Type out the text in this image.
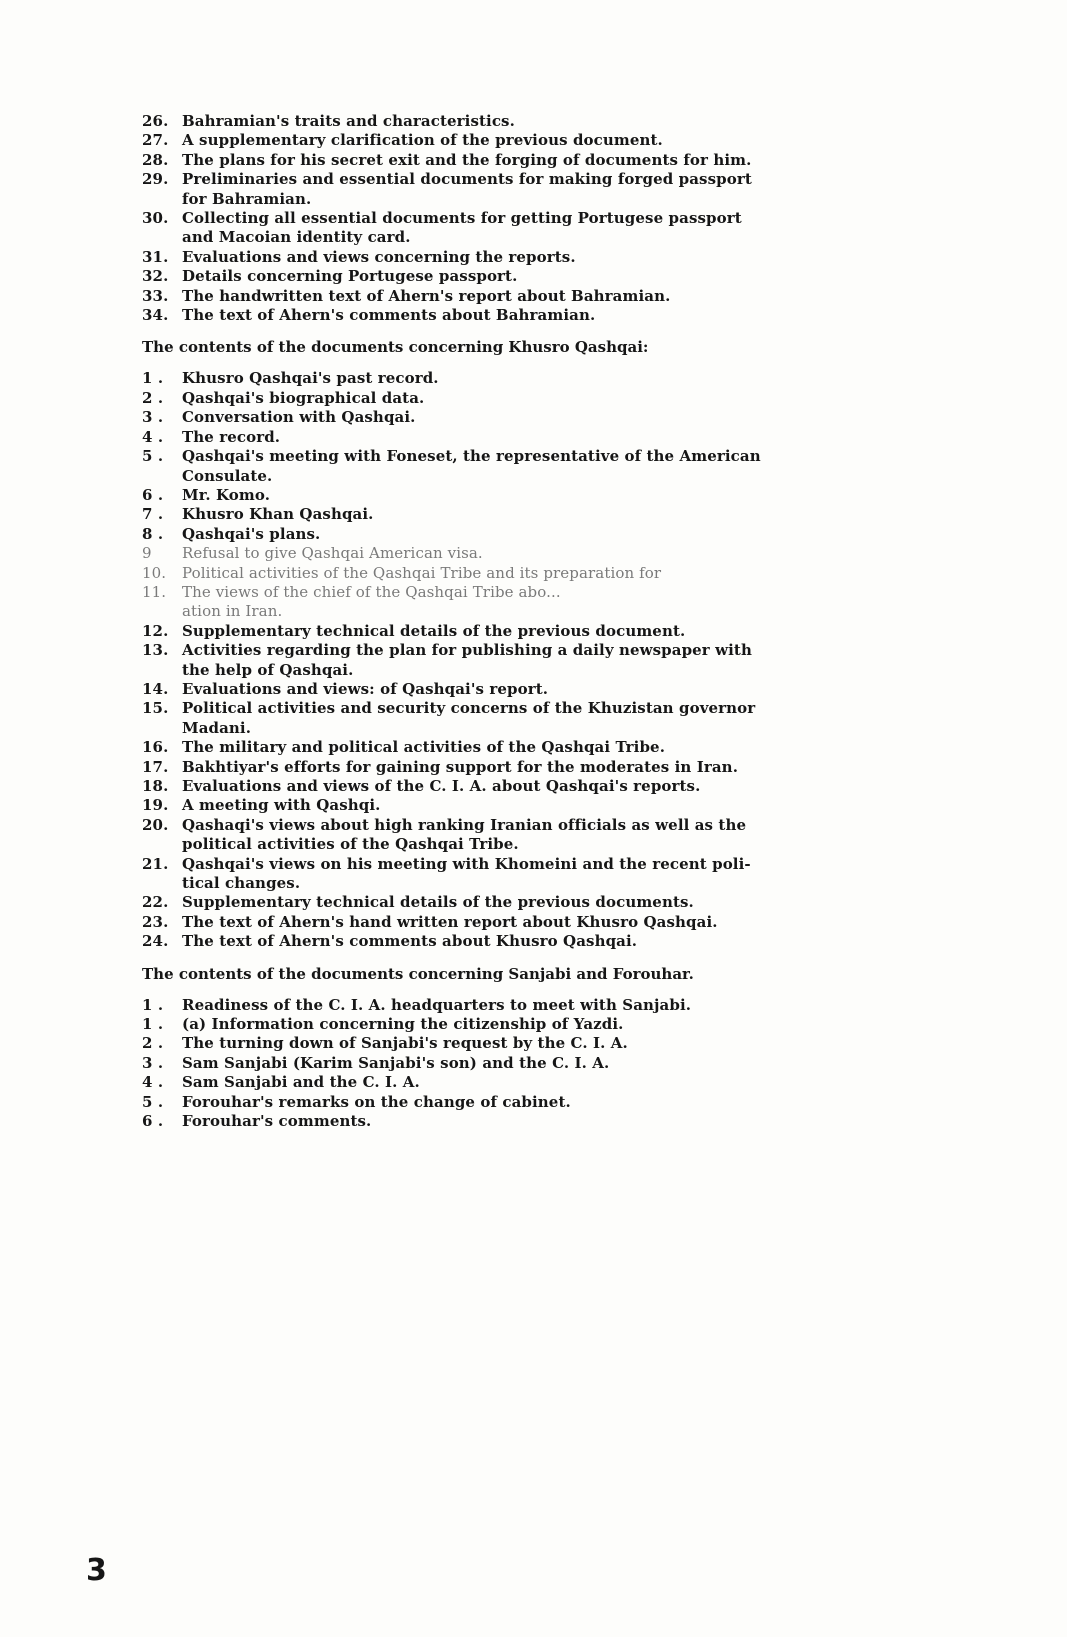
26. Bahramian's traits and characteristics.
27. A supplementary clarification of the previous document.
28. The plans for his secret exit and the forging of documents for him.
29. Preliminaries and essential documents for making forged passport
for Bahramian.
30. Collecting all essential documents for getting Portugese passport
and Macoian identity card.
31. Evaluations and views concerning the reports.
32. Details concerning Portugese passport.
33. The handwritten text of Ahern's report about Bahramian.
34. The text of Ahern's comments about Bahramian.
The contents of the documents concerning Khusro Qashqai:
1 .	Khusro Qashqai's past record.
2 .	Qashqai's biographical data.
3 .	Conversation with Qashqai.
4 .	The record.
5 .	Qashqai's meeting with Foneset, the representative of the American
Consulate.
6 .	Mr. Komo.
7 .	Khusro Khan Qashqai.
8 .	Qashqai's plans.
9	Refusal to give Qashqai American visa.
10.	Political activities of the Qashqai Tribe and its preparation for

11.	The views of the chief of the Qashqai Tribe abo...
ation in Iran.
12. Supplementary technical details of the previous document.
13. Activities regarding the plan for publishing a daily newspaper with
the help of Qashqai.
14. Evaluations and views: of Qashqai's report.
15. Political activities and security concerns of the Khuzistan governor
Madani.
16. The military and political activities of the Qashqai Tribe.
17. Bakhtiyar's efforts for gaining support for the moderates in Iran.
18. Evaluations and views of the C. I. A. about Qashqai's reports.
19. A meeting with Qashqi.
20. Qashaqi's views about high ranking Iranian officials as well as the
political activities of the Qashqai Tribe.
21. Qashqai's views on his meeting with Khomeini and the recent poli-
tical changes.
22. Supplementary technical details of the previous documents.
23. The text of Ahern's hand written report about Khusro Qashqai.
24. The text of Ahern's comments about Khusro Qashqai.
The contents of the documents concerning Sanjabi and Forouhar.
1 .	Readiness of the C. I. A. headquarters to meet with Sanjabi.
1 .	(a) Information concerning the citizenship of Yazdi.
2 .	The turning down of Sanjabi's request by the C. I. A.
3 .	Sam Sanjabi (Karim Sanjabi's son) and the C. I. A.
4 .	Sam Sanjabi and the C. I. A.
5 .	Forouhar's remarks on the change of cabinet.
6 .	Forouhar's comments.
3
